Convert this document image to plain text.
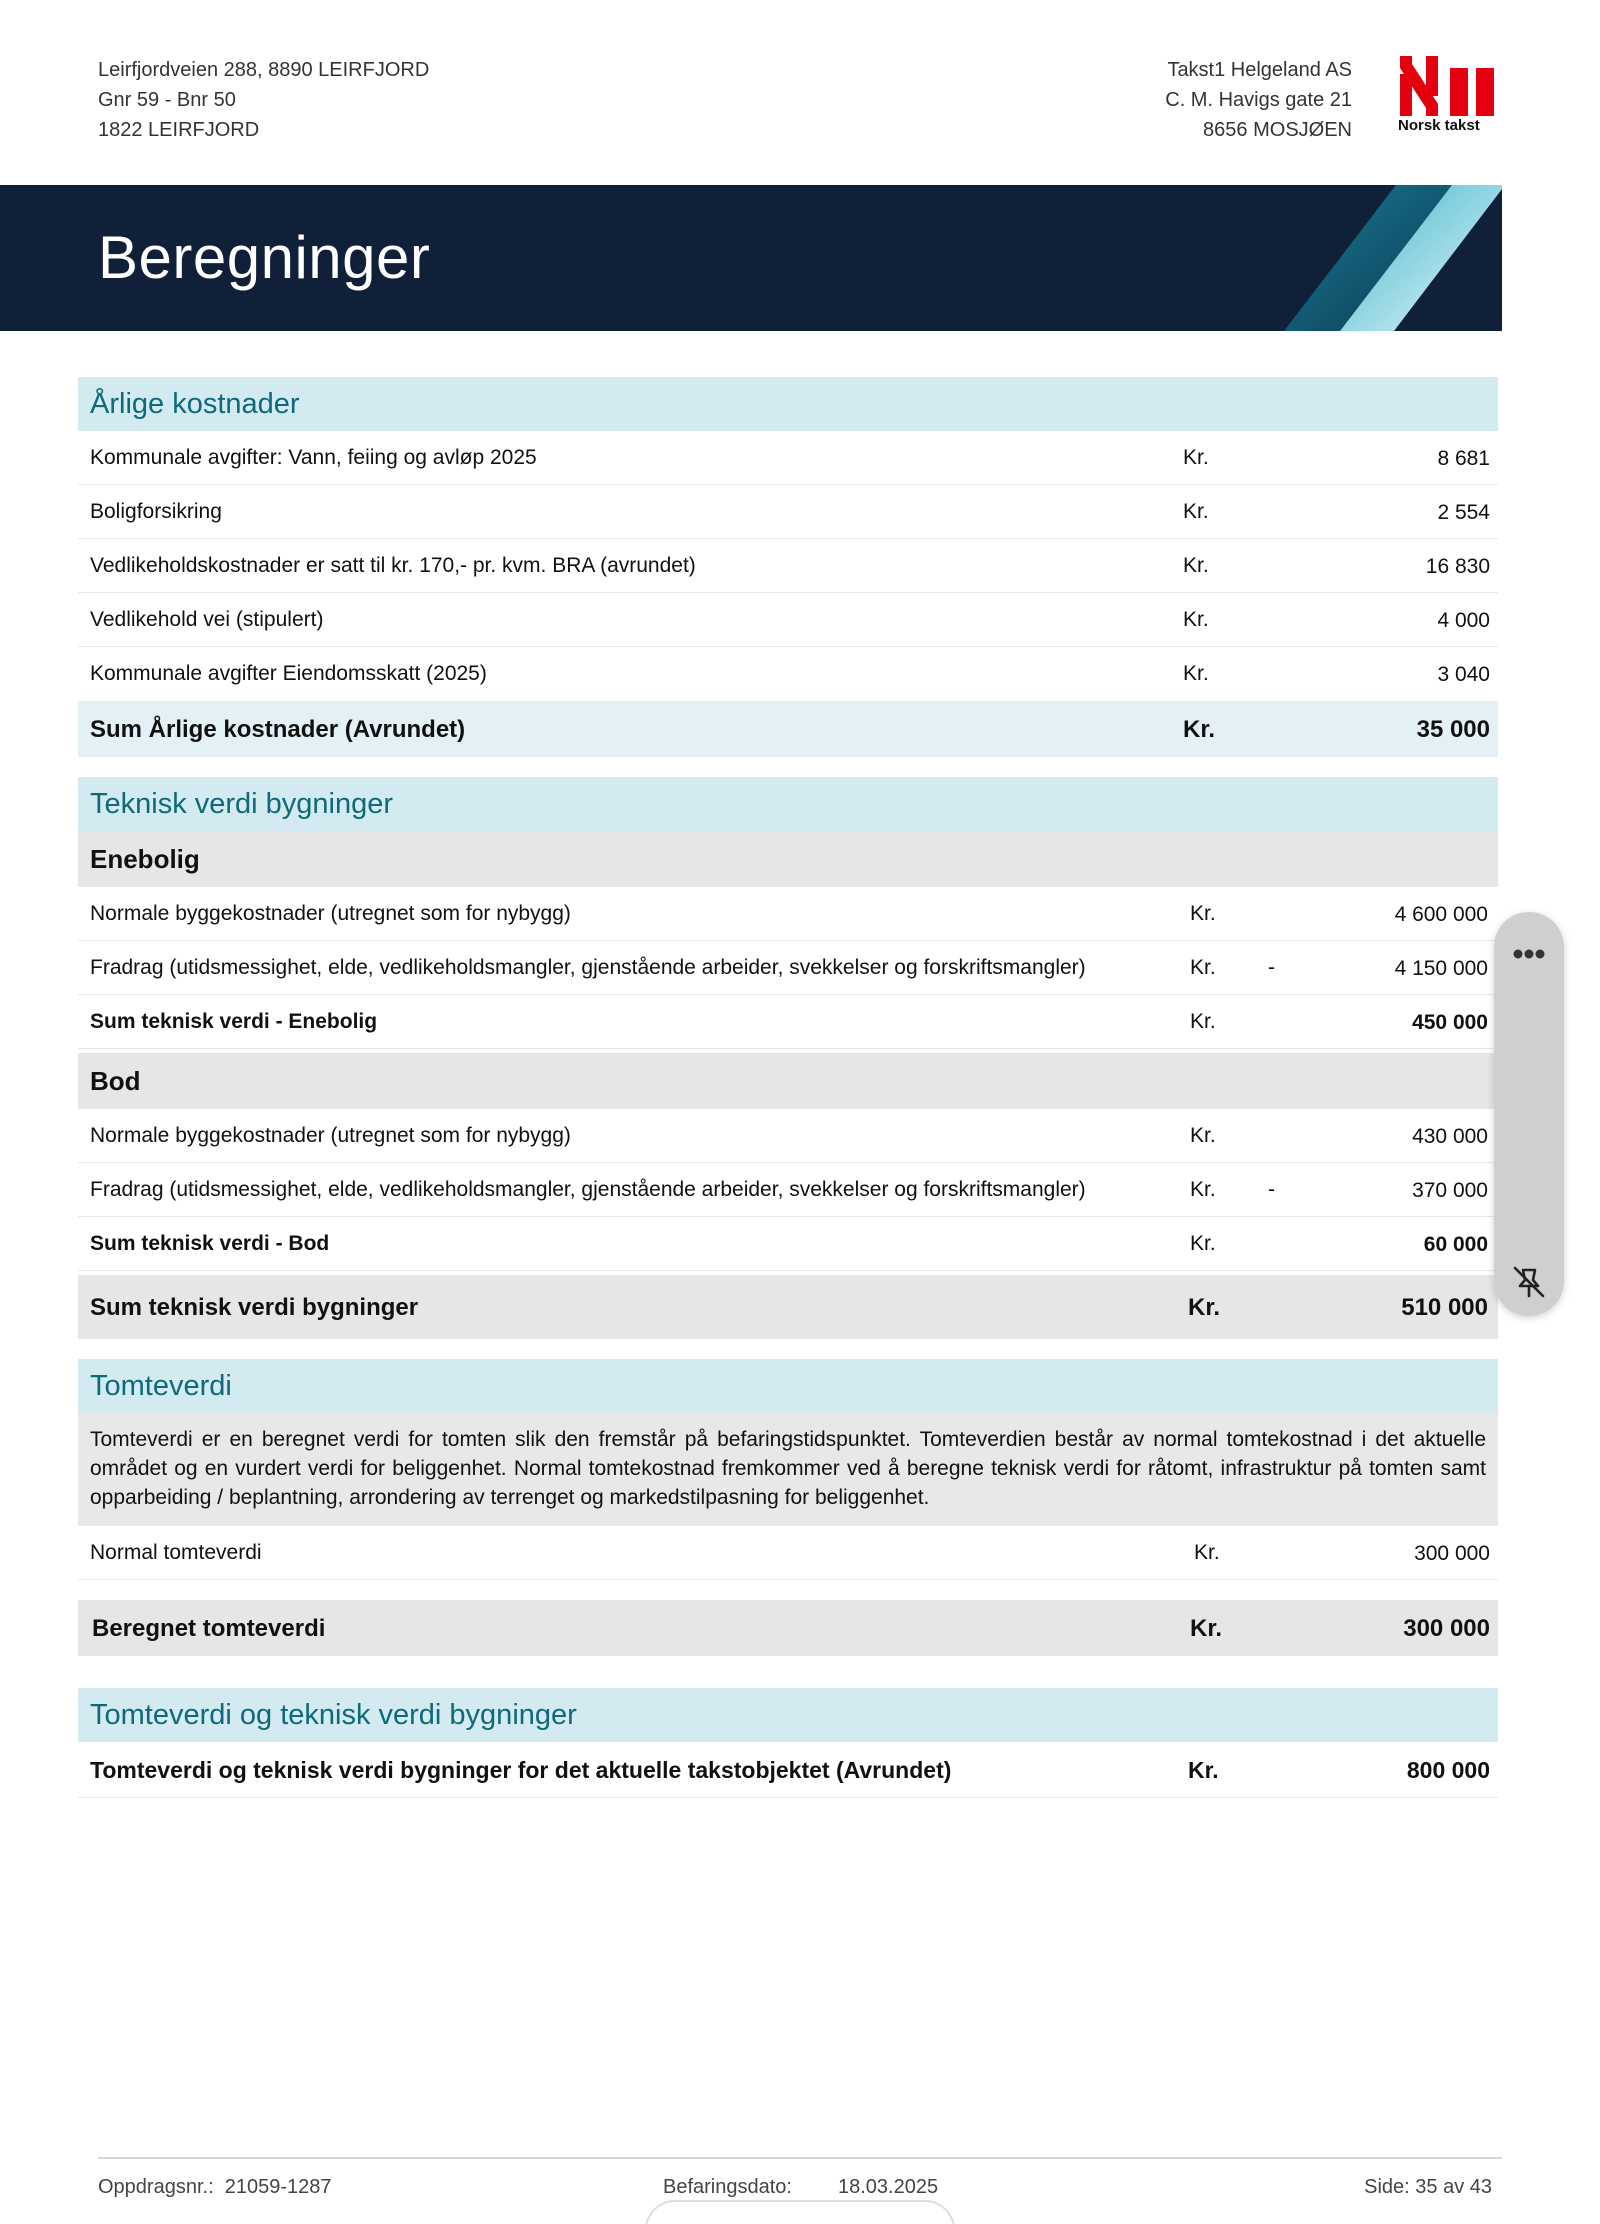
Leirfjordveien 288, 8890 LEIRFJORD
Gnr 59 - Bnr 50
1822 LEIRFJORD
Takst1 Helgeland AS
C. M. Havigs gate 21
8656 MOSJØEN	Norsk takst
Beregninger
Årlige kostnader
Kommunale avgifter: Vann, feiing og avløp 2025	Kr.	8 681
Boligforsikring	Kr.	2 554
Vedlikeholdskostnader er satt til kr. 170,- pr. kvm. BRA (avrundet)	Kr.	16 830
Vedlikehold vei (stipulert)	Kr.	4 000
Kommunale avgifter Eiendomsskatt (2025)	Kr.	3 040
Sum Årlige kostnader (Avrundet)	Kr.	35 000
Teknisk verdi bygninger
Enebolig
Normale byggekostnader (utregnet som for nybygg)	Kr.	4 600 000
Fradrag (utidsmessighet, elde, vedlikeholdsmangler, gjenstående arbeider, svekkelser og forskriftsmangler)	Kr. -	4 150 000
Sum teknisk verdi - Enebolig	Kr.	450 000
Bod
Normale byggekostnader (utregnet som for nybygg)	Kr.	430 000
Fradrag (utidsmessighet, elde, vedlikeholdsmangler, gjenstående arbeider, svekkelser og forskriftsmangler)	Kr. -	370 000
Sum teknisk verdi - Bod	Kr.	60 000
Sum teknisk verdi bygninger	Kr.	510 000
Tomteverdi
Tomteverdi er en beregnet verdi for tomten slik den fremstår på befaringstidspunktet. Tomteverdien består av normal tomtekostnad i det aktuelle området og en vurdert verdi for beliggenhet. Normal tomtekostnad fremkommer ved å beregne teknisk verdi for råtomt, infrastruktur på tomten samt opparbeiding / beplantning, arrondering av terrenget og markedstilpasning for beliggenhet.
Normal tomteverdi	Kr.	300 000
Beregnet tomteverdi	Kr.	300 000
Tomteverdi og teknisk verdi bygninger
Tomteverdi og teknisk verdi bygninger for det aktuelle takstobjektet (Avrundet)	Kr.	800 000
Oppdragsnr.: 21059-1287	Befaringsdato: 18.03.2025	Side: 35 av 43
